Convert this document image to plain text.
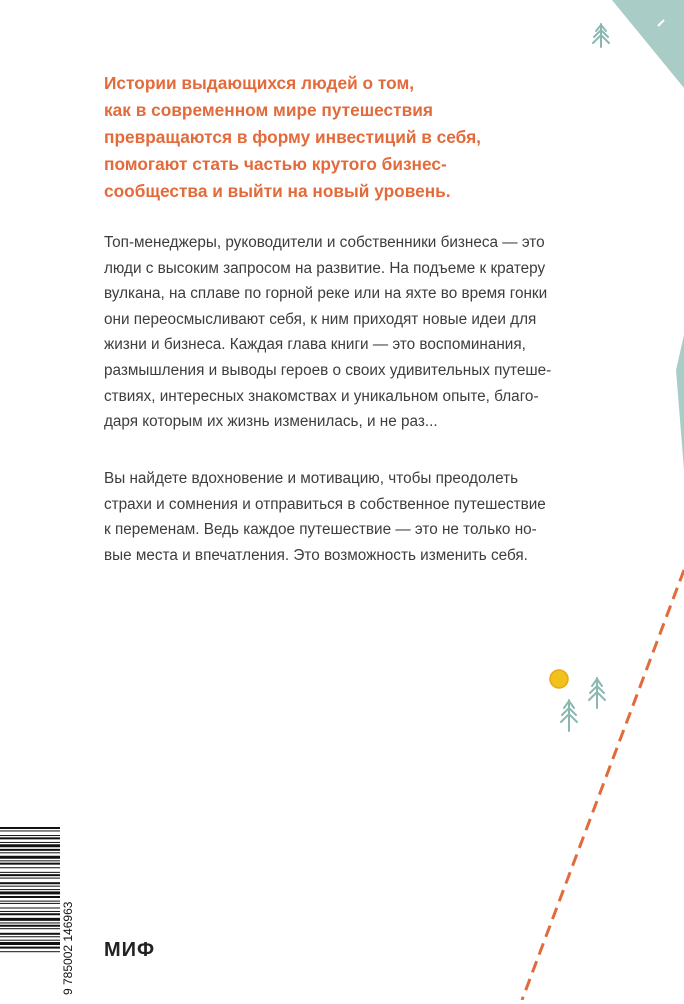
Истории выдающихся людей о том,
как в современном мире путешествия
превращаются в форму инвестиций в себя,
помогают стать частью крутого бизнес-
сообщества и выйти на новый уровень.
Топ-менеджеры, руководители и собственники бизнеса — это
люди с высоким запросом на развитие. На подъеме к кратеру
вулкана, на сплаве по горной реке или на яхте во время гонки
они переосмысливают себя, к ним приходят новые идеи для
жизни и бизнеса. Каждая глава книги — это воспоминания,
размышления и выводы героев о своих удивительных путеше-
ствиях, интересных знакомствах и уникальном опыте, благо-
даря которым их жизнь изменилась, и не раз...
Вы найдете вдохновение и мотивацию, чтобы преодолеть
страхи и сомнения и отправиться в собственное путешествие
к переменам. Ведь каждое путешествие — это не только но-
вые места и впечатления. Это возможность изменить себя.
9 785002 146963 МИФ
